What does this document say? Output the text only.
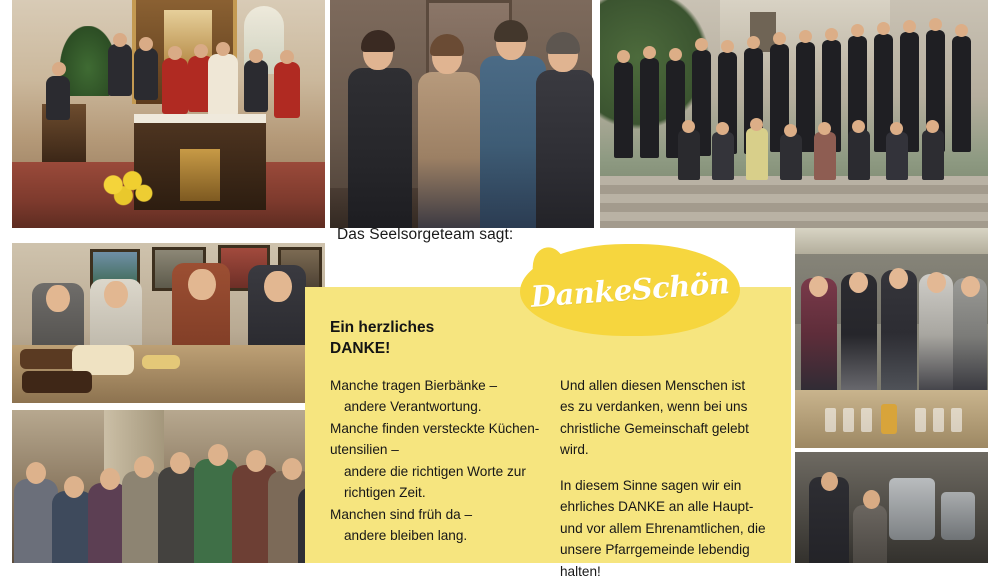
Das Seelsorgeteam sagt:
DankeSchön
Ein herzliches
DANKE!

Manche tragen Bierbänke –
andere Verantwortung.
Manche finden versteckte Küchen-
utensilien –
andere die richtigen Worte zur
richtigen Zeit.
Manchen sind früh da –
andere bleiben lang.

Und allen diesen Menschen ist
es zu verdanken, wenn bei uns
christliche Gemeinschaft gelebt
wird.

In diesem Sinne sagen wir ein
ehrliches DANKE an alle Haupt-
und vor allem Ehrenamtlichen, die
unsere Pfarrgemeinde lebendig
halten!
